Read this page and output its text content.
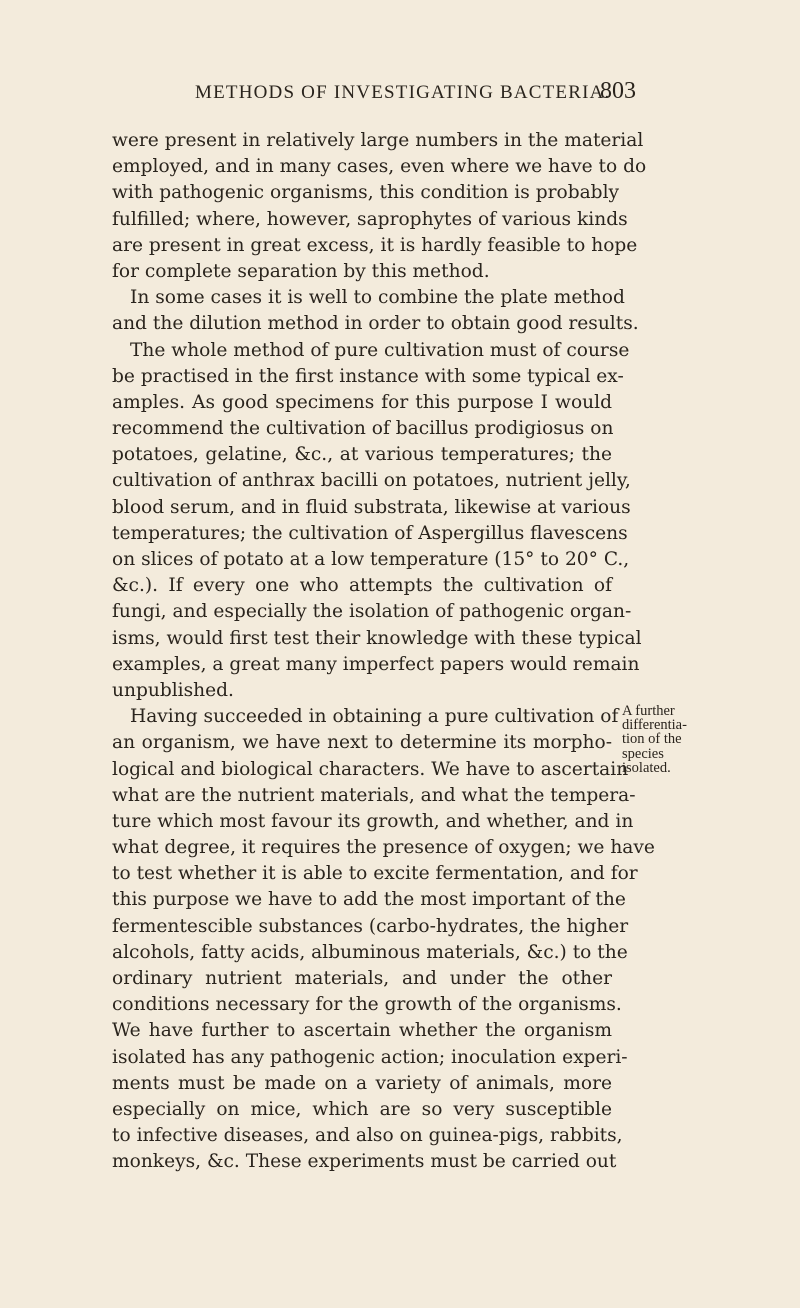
METHODS OF INVESTIGATING BACTERIA.
803
were present in relatively large numbers in the material
employed, and in many cases, even where we have to do
with pathogenic organisms, this condition is probably
fulfilled; where, however, saprophytes of various kinds
are present in great excess, it is hardly feasible to hope
for complete separation by this method.
In some cases it is well to combine the plate method
and the dilution method in order to obtain good results.
The whole method of pure cultivation must of course
be practised in the first instance with some typical ex-
amples. As good specimens for this purpose I would
recommend the cultivation of bacillus prodigiosus on
potatoes, gelatine, &c., at various temperatures; the
cultivation of anthrax bacilli on potatoes, nutrient jelly,
blood serum, and in fluid substrata, likewise at various
temperatures; the cultivation of Aspergillus flavescens
on slices of potato at a low temperature (15° to 20° C.,
&c.). If every one who attempts the cultivation of
fungi, and especially the isolation of pathogenic organ-
isms, would first test their knowledge with these typical
examples, a great many imperfect papers would remain
unpublished.
Having succeeded in obtaining a pure cultivation of
an organism, we have next to determine its morpho-
logical and biological characters. We have to ascertain
what are the nutrient materials, and what the tempera-
ture which most favour its growth, and whether, and in
what degree, it requires the presence of oxygen; we have
to test whether it is able to excite fermentation, and for
this purpose we have to add the most important of the
fermentescible substances (carbo-hydrates, the higher
alcohols, fatty acids, albuminous materials, &c.) to the
ordinary nutrient materials, and under the other
conditions necessary for the growth of the organisms.
We have further to ascertain whether the organism
isolated has any pathogenic action; inoculation experi-
ments must be made on a variety of animals, more
especially on mice, which are so very susceptible
to infective diseases, and also on guinea-pigs, rabbits,
monkeys, &c. These experiments must be carried out
A further
differentia-
tion of the
species
isolated.
